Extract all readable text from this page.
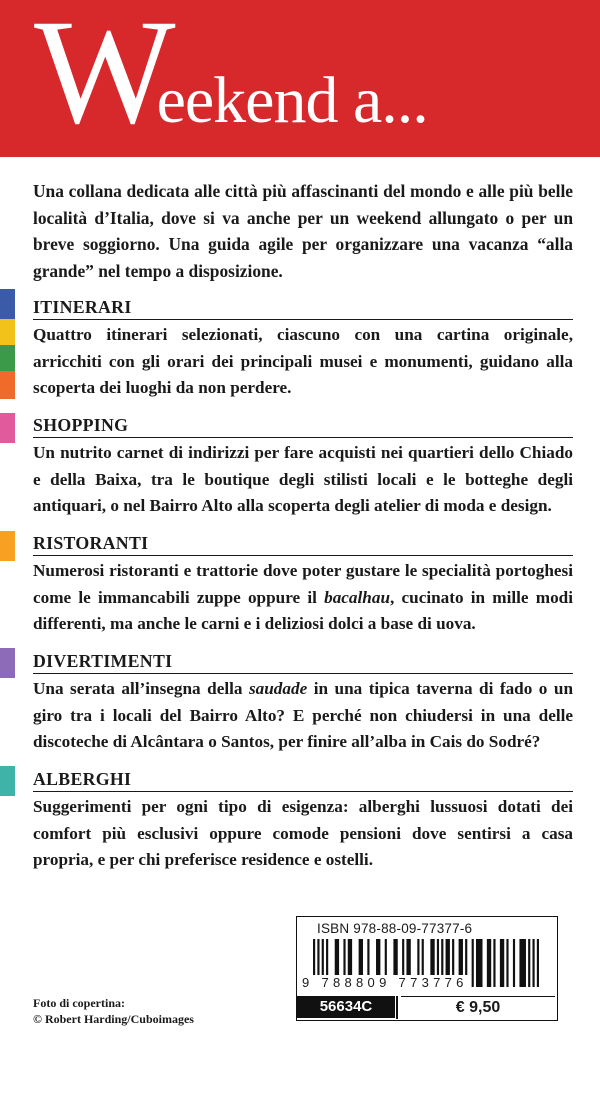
Weekend a...

Una collana dedicata alle città più affascinanti del mondo e alle più belle località d’Italia, dove si va anche per un weekend allungato o per un breve soggiorno. Una guida agile per organizzare una vacanza “alla grande” nel tempo a disposizione.

ITINERARI

Quattro itinerari selezionati, ciascuno con una cartina originale, arricchiti con gli orari dei principali musei e monumenti, guidano alla scoperta dei luoghi da non perdere.

SHOPPING

Un nutrito carnet di indirizzi per fare acquisti nei quartieri dello Chiado e della Baixa, tra le boutique degli stilisti locali e le botteghe degli antiquari, o nel Bairro Alto alla scoperta degli atelier di moda e design.

RISTORANTI

Numerosi ristoranti e trattorie dove poter gustare le specialità portoghesi come le immancabili zuppe oppure il bacalhau, cucinato in mille modi differenti, ma anche le carni e i deliziosi dolci a base di uova.

DIVERTIMENTI

Una serata all’insegna della saudade in una tipica taverna di fado o un giro tra i locali del Bairro Alto? E perché non chiudersi in una delle discoteche di Alcântara o Santos, per finire all’alba in Cais do Sodré?

ALBERGHI

Suggerimenti per ogni tipo di esigenza: alberghi lussuosi dotati dei comfort più esclusivi oppure comode pensioni dove sentirsi a casa propria, e per chi preferisce residence e ostelli.

Foto di copertina:
© Robert Harding/Cuboimages
ISBN 978-88-09-77377-6
9 788809 773776
56634C	€ 9,50
